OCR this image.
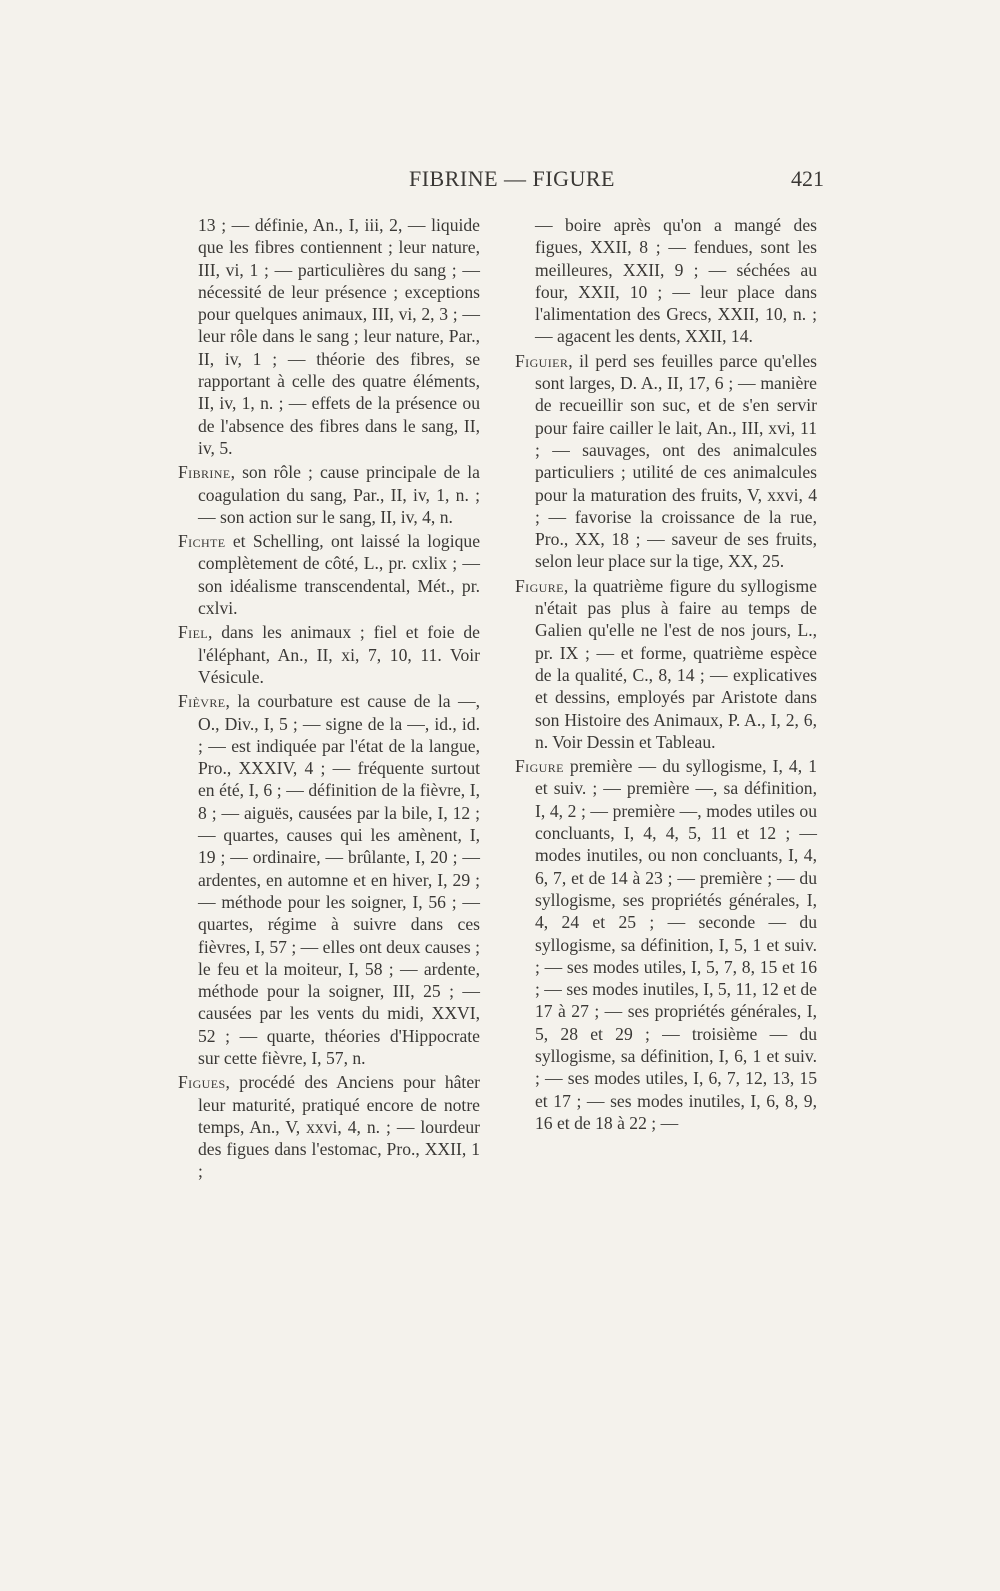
FIBRINE — FIGURE	421

13 ; — définie, An., I, iii, 2, — liquide que les fibres contiennent ; leur nature, III, vi, 1 ; — particulières du sang ; — nécessité de leur présence ; exceptions pour quelques animaux, III, vi, 2, 3 ; — leur rôle dans le sang ; leur nature, Par., II, iv, 1 ; — théorie des fibres, se rapportant à celle des quatre éléments, II, iv, 1, n. ; — effets de la présence ou de l'absence des fibres dans le sang, II, iv, 5.

Fibrine, son rôle ; cause principale de la coagulation du sang, Par., II, iv, 1, n. ; — son action sur le sang, II, iv, 4, n.

Fichte et Schelling, ont laissé la logique complètement de côté, L., pr. cxlix ; — son idéalisme transcendental, Mét., pr. cxlvi.

Fiel, dans les animaux ; fiel et foie de l'éléphant, An., II, xi, 7, 10, 11. Voir Vésicule.

Fièvre, la courbature est cause de la —, O., Div., I, 5 ; — signe de la —, id., id. ; — est indiquée par l'état de la langue, Pro., XXXIV, 4 ; — fréquente surtout en été, I, 6 ; — définition de la fièvre, I, 8 ; — aiguës, causées par la bile, I, 12 ; — quartes, causes qui les amènent, I, 19 ; — ordinaire, — brûlante, I, 20 ; — ardentes, en automne et en hiver, I, 29 ; — méthode pour les soigner, I, 56 ; — quartes, régime à suivre dans ces fièvres, I, 57 ; — elles ont deux causes ; le feu et la moiteur, I, 58 ; — ardente, méthode pour la soigner, III, 25 ; — causées par les vents du midi, XXVI, 52 ; — quarte, théories d'Hippocrate sur cette fièvre, I, 57, n.

Figues, procédé des Anciens pour hâter leur maturité, pratiqué encore de notre temps, An., V, xxvi, 4, n. ; — lourdeur des figues dans l'estomac, Pro., XXII, 1 ;

— boire après qu'on a mangé des figues, XXII, 8 ; — fendues, sont les meilleures, XXII, 9 ; — séchées au four, XXII, 10 ; — leur place dans l'alimentation des Grecs, XXII, 10, n. ; — agacent les dents, XXII, 14.

Figuier, il perd ses feuilles parce qu'elles sont larges, D. A., II, 17, 6 ; — manière de recueillir son suc, et de s'en servir pour faire cailler le lait, An., III, xvi, 11 ; — sauvages, ont des animalcules particuliers ; utilité de ces animalcules pour la maturation des fruits, V, xxvi, 4 ; — favorise la croissance de la rue, Pro., XX, 18 ; — saveur de ses fruits, selon leur place sur la tige, XX, 25.

Figure, la quatrième figure du syllogisme n'était pas plus à faire au temps de Galien qu'elle ne l'est de nos jours, L., pr. IX ; — et forme, quatrième espèce de la qualité, C., 8, 14 ; — explicatives et dessins, employés par Aristote dans son Histoire des Animaux, P. A., I, 2, 6, n. Voir Dessin et Tableau.

Figure première — du syllogisme, I, 4, 1 et suiv. ; — première —, sa définition, I, 4, 2 ; — première —, modes utiles ou concluants, I, 4, 4, 5, 11 et 12 ; — modes inutiles, ou non concluants, I, 4, 6, 7, et de 14 à 23 ; — première ; — du syllogisme, ses propriétés générales, I, 4, 24 et 25 ; — seconde — du syllogisme, sa définition, I, 5, 1 et suiv. ; — ses modes utiles, I, 5, 7, 8, 15 et 16 ; — ses modes inutiles, I, 5, 11, 12 et de 17 à 27 ; — ses propriétés générales, I, 5, 28 et 29 ; — troisième — du syllogisme, sa définition, I, 6, 1 et suiv. ; — ses modes utiles, I, 6, 7, 12, 13, 15 et 17 ; — ses modes inutiles, I, 6, 8, 9, 16 et de 18 à 22 ; —
